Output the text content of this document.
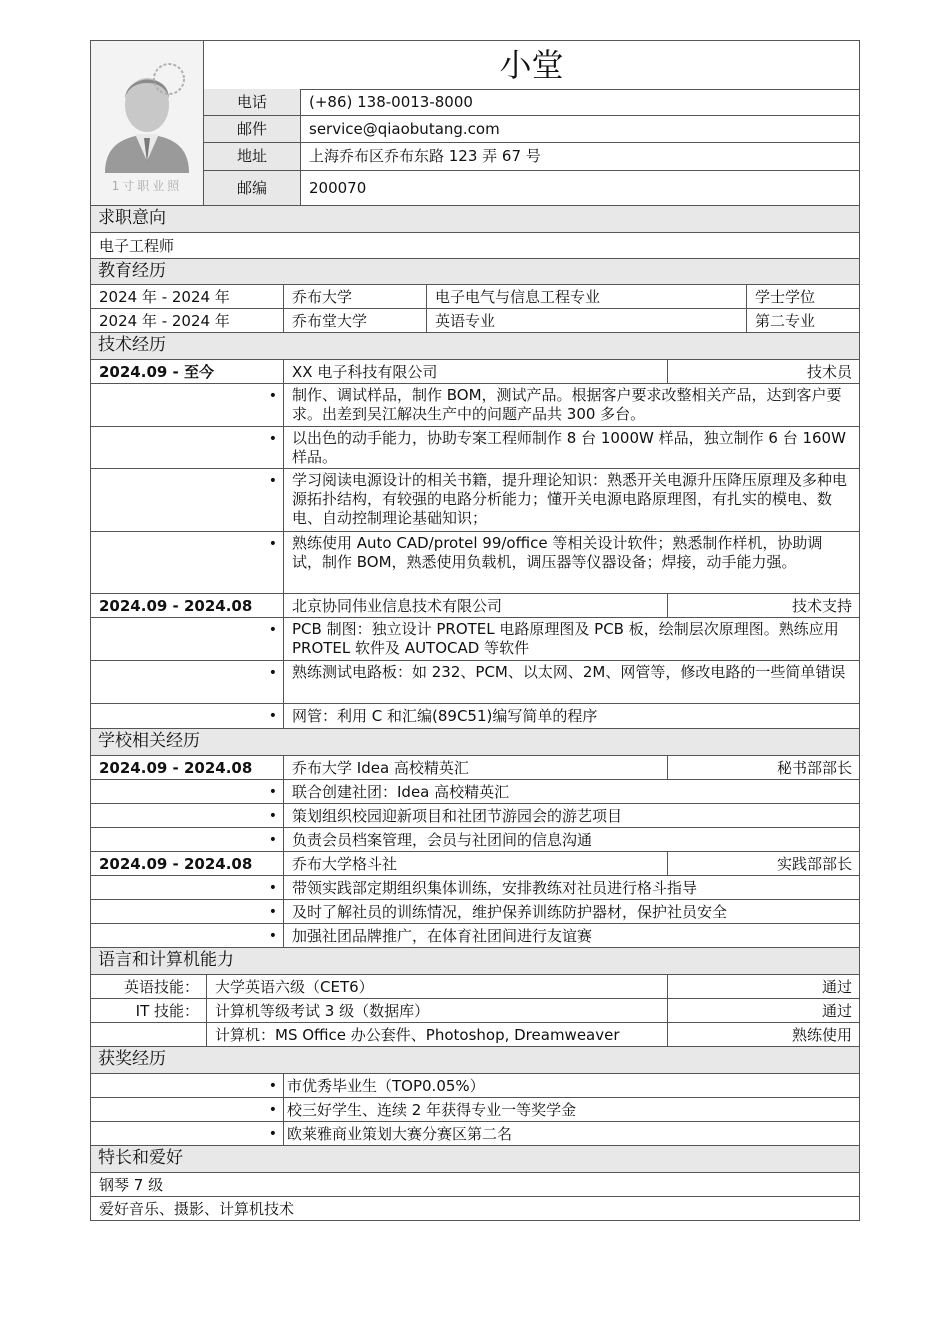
1寸职业照
小堂
电话	(+86) 138-0013-8000
邮件	service@qiaobutang.com
地址	上海乔布区乔布东路 123 弄 67 号
邮编	200070
求职意向
电子工程师
教育经历
2024 年 - 2024 年	乔布大学	电子电气与信息工程专业	学士学位
2024 年 - 2024 年	乔布堂大学	英语专业	第二专业
技术经历
2024.09 - 至今	XX 电子科技有限公司	技术员
•	制作、调试样品，制作 BOM，测试产品。根据客户要求改整相关产品，达到客户要求。出差到吴江解决生产中的问题产品共 300 多台。
•	以出色的动手能力，协助专案工程师制作 8 台 1000W 样品，独立制作 6 台 160W 样品。
•	学习阅读电源设计的相关书籍，提升理论知识：熟悉开关电源升压降压原理及多种电源拓扑结构，有较强的电路分析能力；懂开关电源电路原理图，有扎实的模电、数电、自动控制理论基础知识；
•	熟练使用 Auto CAD/protel 99/office 等相关设计软件；熟悉制作样机，协助调试，制作 BOM，熟悉使用负载机，调压器等仪器设备；焊接，动手能力强。
2024.09 - 2024.08	北京协同伟业信息技术有限公司	技术支持
•	PCB 制图：独立设计 PROTEL 电路原理图及 PCB 板，绘制层次原理图。熟练应用 PROTEL 软件及 AUTOCAD 等软件
•	熟练测试电路板：如 232、PCM、以太网、2M、网管等，修改电路的一些简单错误
•	网管：利用 C 和汇编(89C51)编写简单的程序
学校相关经历
2024.09 - 2024.08	乔布大学 Idea 高校精英汇	秘书部部长
•	联合创建社团：Idea 高校精英汇
•	策划组织校园迎新项目和社团节游园会的游艺项目
•	负责会员档案管理，会员与社团间的信息沟通
2024.09 - 2024.08	乔布大学格斗社	实践部部长
•	带领实践部定期组织集体训练，安排教练对社员进行格斗指导
•	及时了解社员的训练情况，维护保养训练防护器材，保护社员安全
•	加强社团品牌推广，在体育社团间进行友谊赛
语言和计算机能力
英语技能：	大学英语六级（CET6）	通过
IT 技能：	计算机等级考试 3 级（数据库）	通过
计算机：MS Office 办公套件、Photoshop, Dreamweaver	熟练使用
获奖经历
• 市优秀毕业生（TOP0.05%）
• 校三好学生、连续 2 年获得专业一等奖学金
• 欧莱雅商业策划大赛分赛区第二名
特长和爱好
钢琴 7 级
爱好音乐、摄影、计算机技术
